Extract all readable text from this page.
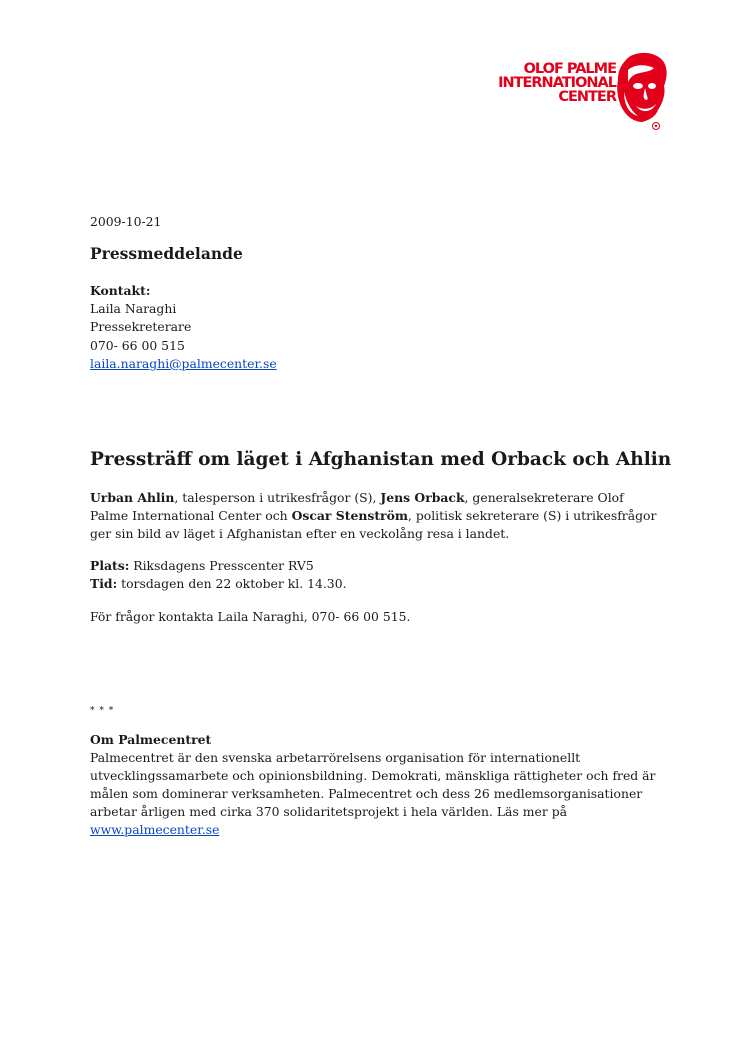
OLOF PALME
INTERNATIONAL
CENTER
2009-10-21
Pressmeddelande
Kontakt:
Laila Naraghi
Pressekreterare
070- 66 00 515
laila.naraghi@palmecenter.se
Pressträff om läget i Afghanistan med Orback och Ahlin
Urban Ahlin, talesperson i utrikesfrågor (S), Jens Orback, generalsekreterare Olof Palme International Center och Oscar Stenström, politisk sekreterare (S) i utrikesfrågor ger sin bild av läget i Afghanistan efter en veckolång resa i landet.
Plats: Riksdagens Presscenter RV5
Tid: torsdagen den 22 oktober kl. 14.30.
För frågor kontakta Laila Naraghi, 070- 66 00 515.
* * *
Om Palmecentret
Palmecentret är den svenska arbetarrörelsens organisation för internationellt utvecklingssamarbete och opinionsbildning. Demokrati, mänskliga rättigheter och fred är målen som dominerar verksamheten. Palmecentret och dess 26 medlemsorganisationer arbetar årligen med cirka 370 solidaritetsprojekt i hela världen. Läs mer på www.palmecenter.se
